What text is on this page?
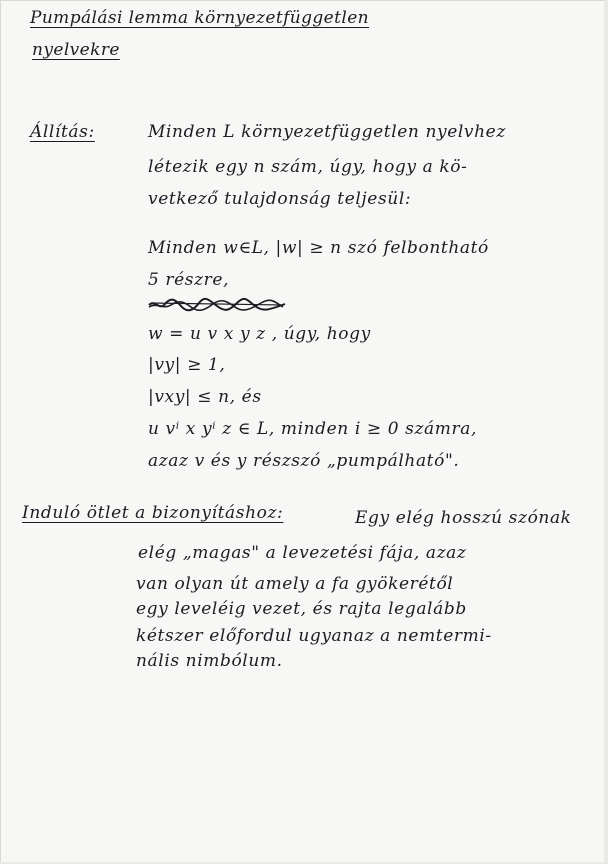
Pumpálási lemma környezetfüggetlen
nyelvekre
Állítás:	Minden L környezetfüggetlen nyelvhez
létezik egy n szám, úgy, hogy a kö-
vetkező tulajdonság teljesül:
Minden w∈L, |w| ≥ n szó felbontható
5 részre,
w = u v x y z , úgy, hogy
|vy| ≥ 1,
|vxy| ≤ n, és
u vⁱ x yⁱ z ∈ L, minden i ≥ 0 számra,
azaz v és y részszó „pumpálható".
Induló ötlet a bizonyításhoz:	Egy elég hosszú szónak
elég „magas" a levezetési fája, azaz
van olyan út amely a fa gyökerétől
egy leveléig vezet, és rajta legalább
kétszer előfordul ugyanaz a nemtermi-
nális nimbólum.
